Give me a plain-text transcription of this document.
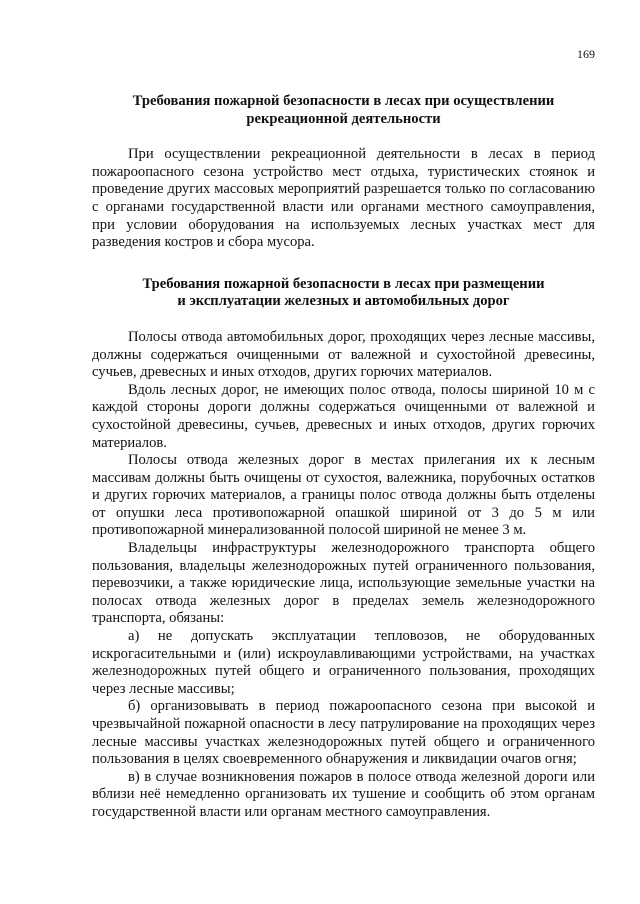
169
Требования пожарной безопасности в лесах при осуществлении
рекреационной деятельности

При осуществлении рекреационной деятельности в лесах в период пожароопасного сезона устройство мест отдыха, туристических стоянок и проведение других массовых мероприятий разрешается только по согласованию с органами государственной власти или органами местного самоуправления, при условии оборудования на используемых лесных участках мест для разведения костров и сбора мусора.

Требования пожарной безопасности в лесах при размещении
и эксплуатации железных и автомобильных дорог

Полосы отвода автомобильных дорог, проходящих через лесные массивы, должны содержаться очищенными от валежной и сухостойной древесины, сучьев, древесных и иных отходов, других горючих материалов.

Вдоль лесных дорог, не имеющих полос отвода, полосы шириной 10 м с каждой стороны дороги должны содержаться очищенными от валежной и сухостойной древесины, сучьев, древесных и иных отходов, других горючих материалов.

Полосы отвода железных дорог в местах прилегания их к лесным массивам должны быть очищены от сухостоя, валежника, порубочных остатков и других горючих материалов, а границы полос отвода должны быть отделены от опушки леса противопожарной опашкой шириной от 3 до 5 м или противопожарной минерализованной полосой шириной не менее 3 м.

Владельцы инфраструктуры железнодорожного транспорта общего пользования, владельцы железнодорожных путей ограниченного пользования, перевозчики, а также юридические лица, использующие земельные участки на полосах отвода железных дорог в пределах земель железнодорожного транспорта, обязаны:

а) не допускать эксплуатации тепловозов, не оборудованных искрогасительными и (или) искроулавливающими устройствами, на участках железнодорожных путей общего и ограниченного пользования, проходящих через лесные массивы;

б) организовывать в период пожароопасного сезона при высокой и чрезвычайной пожарной опасности в лесу патрулирование на проходящих через лесные массивы участках железнодорожных путей общего и ограниченного пользования в целях своевременного обнаружения и ликвидации очагов огня;

в) в случае возникновения пожаров в полосе отвода железной дороги или вблизи неё немедленно организовать их тушение и сообщить об этом органам государственной власти или органам местного самоуправления.
